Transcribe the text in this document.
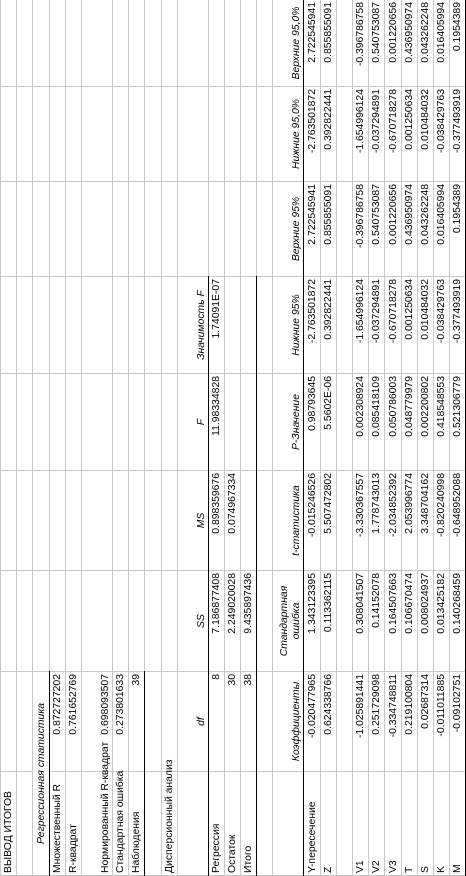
ВЫВОД ИТОГОВ								

Регрессионная статистика								
Множественный R	0.872727202							
R-квадрат	0.761652769							
Нормированный R-квадрат	0.698093507							
Стандартная ошибка	0.273801633							
Наблюдения	39							

Дисперсионный анализ								
	df	SS	MS	F	Значимость F			
Регрессия	8	7.186877408	0.898359676	11.98334828	1.74091E-07			
Остаток	30	2.249020028	0.074967334					
Итого	38	9.435897436						

	Коэффициенты	Стандартная ошибка	t-статистика	P-Значение	Нижние 95%	Верхние 95%	Нижние 95,0%	Верхние 95,0%
Y-пересечение	-0.020477965	1.343123395	-0.015246526	0.98793645	-2.763501872	2.722545941	-2.763501872	2.722545941
Z	0.624338766	0.113362115	5.507472802	5.5602E-06	0.392822441	0.855855091	0.392822441	0.855855091

V1	-1.025891441	0.308041507	-3.330367557	0.002308924	-1.654996124	-0.396786758	-1.654996124	-0.396786758
V2	0.251729098	0.14152078	1.778743013	0.085418109	-0.037294891	0.540753087	-0.037294891	0.540753087
V3	-0.334748811	0.164507663	-2.034852392	0.050786003	-0.670718278	0.001220656	-0.670718278	0.001220656
T	0.219100804	0.106670474	2.053996774	0.048779979	0.001250634	0.436950974	0.001250634	0.436950974
S	0.02687314	0.008024937	3.348704162	0.002200802	0.010484032	0.043262248	0.010484032	0.043262248
K	-0.011011885	0.013425182	-0.820240998	0.418548553	-0.038429763	0.016405994	-0.038429763	0.016405994
M	-0.09102751	0.140268459	-0.648952088	0.521306779	-0.377493919	0.1954389	-0.377493919	0.1954389
